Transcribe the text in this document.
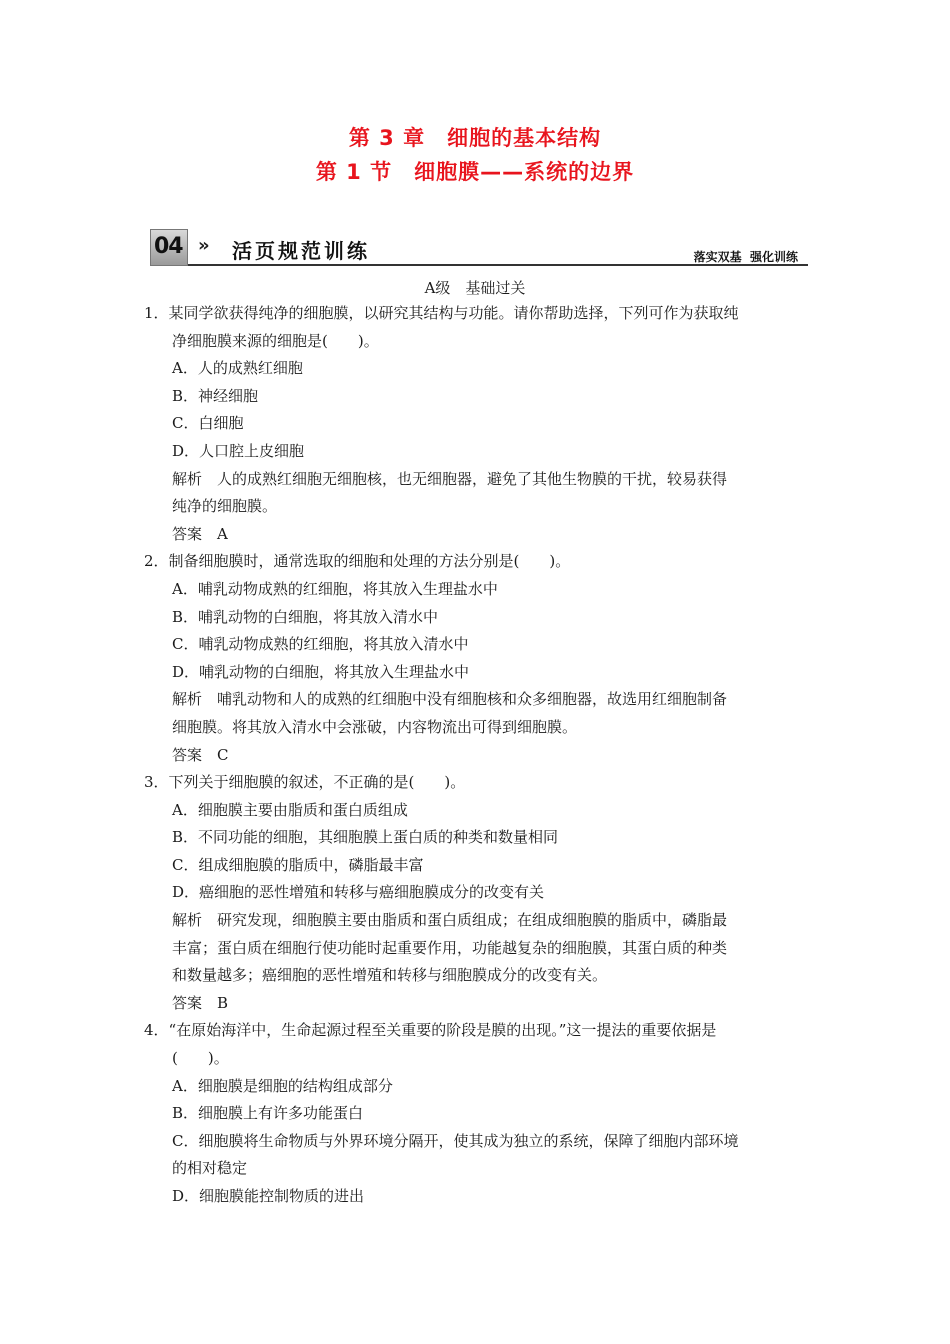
第 3 章　细胞的基本结构
第 1 节　细胞膜——系统的边界
04 » 活页规范训练	落实双基  强化训练
A级　基础过关
1．某同学欲获得纯净的细胞膜，以研究其结构与功能。请你帮助选择，下列可作为获取纯
净细胞膜来源的细胞是(　　)。
A．人的成熟红细胞
B．神经细胞
C．白细胞
D．人口腔上皮细胞
解析　人的成熟红细胞无细胞核，也无细胞器，避免了其他生物膜的干扰，较易获得
纯净的细胞膜。
答案　A
2．制备细胞膜时，通常选取的细胞和处理的方法分别是(　　)。
A．哺乳动物成熟的红细胞，将其放入生理盐水中
B．哺乳动物的白细胞，将其放入清水中
C．哺乳动物成熟的红细胞，将其放入清水中
D．哺乳动物的白细胞，将其放入生理盐水中
解析　哺乳动物和人的成熟的红细胞中没有细胞核和众多细胞器，故选用红细胞制备
细胞膜。将其放入清水中会涨破，内容物流出可得到细胞膜。
答案　C
3．下列关于细胞膜的叙述，不正确的是(　　)。
A．细胞膜主要由脂质和蛋白质组成
B．不同功能的细胞，其细胞膜上蛋白质的种类和数量相同
C．组成细胞膜的脂质中，磷脂最丰富
D．癌细胞的恶性增殖和转移与癌细胞膜成分的改变有关
解析　研究发现，细胞膜主要由脂质和蛋白质组成；在组成细胞膜的脂质中，磷脂最
丰富；蛋白质在细胞行使功能时起重要作用，功能越复杂的细胞膜，其蛋白质的种类
和数量越多；癌细胞的恶性增殖和转移与细胞膜成分的改变有关。
答案　B
4．“在原始海洋中，生命起源过程至关重要的阶段是膜的出现。”这一提法的重要依据是
(　　)。
A．细胞膜是细胞的结构组成部分
B．细胞膜上有许多功能蛋白
C．细胞膜将生命物质与外界环境分隔开，使其成为独立的系统，保障了细胞内部环境
的相对稳定
D．细胞膜能控制物质的进出
